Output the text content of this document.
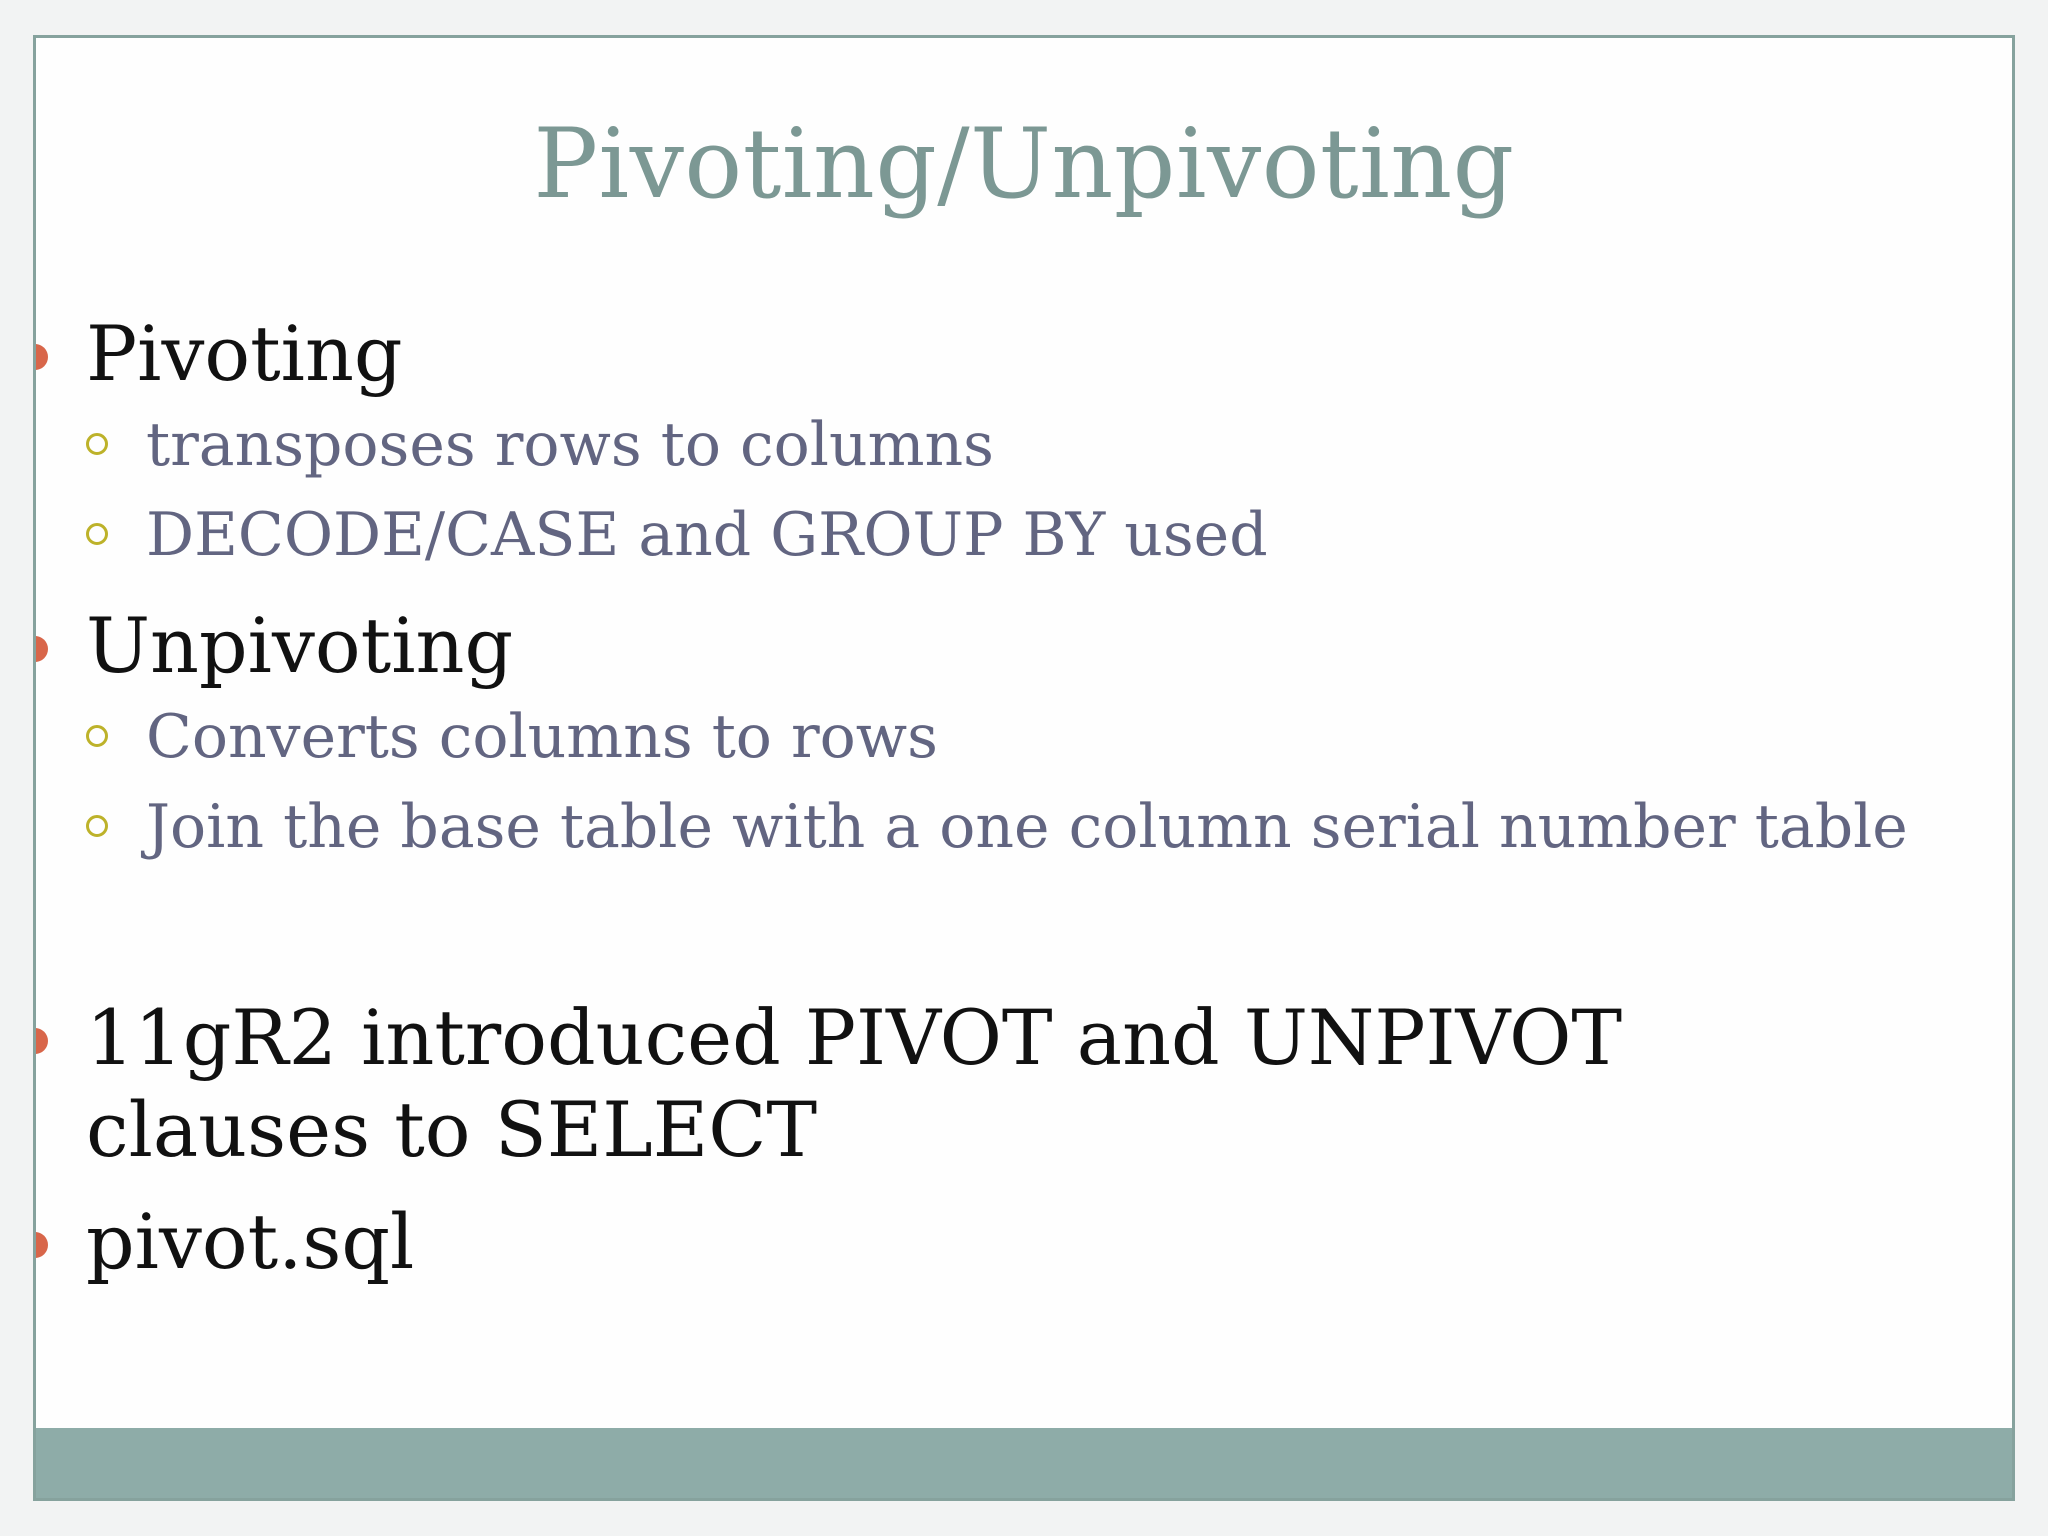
Pivoting/Unpivoting
Pivoting
transposes rows to columns
DECODE/CASE and GROUP BY used
Unpivoting
Converts columns to rows
Join the base table with a one column serial number table
11gR2 introduced PIVOT and UNPIVOT clauses to SELECT
pivot.sql
